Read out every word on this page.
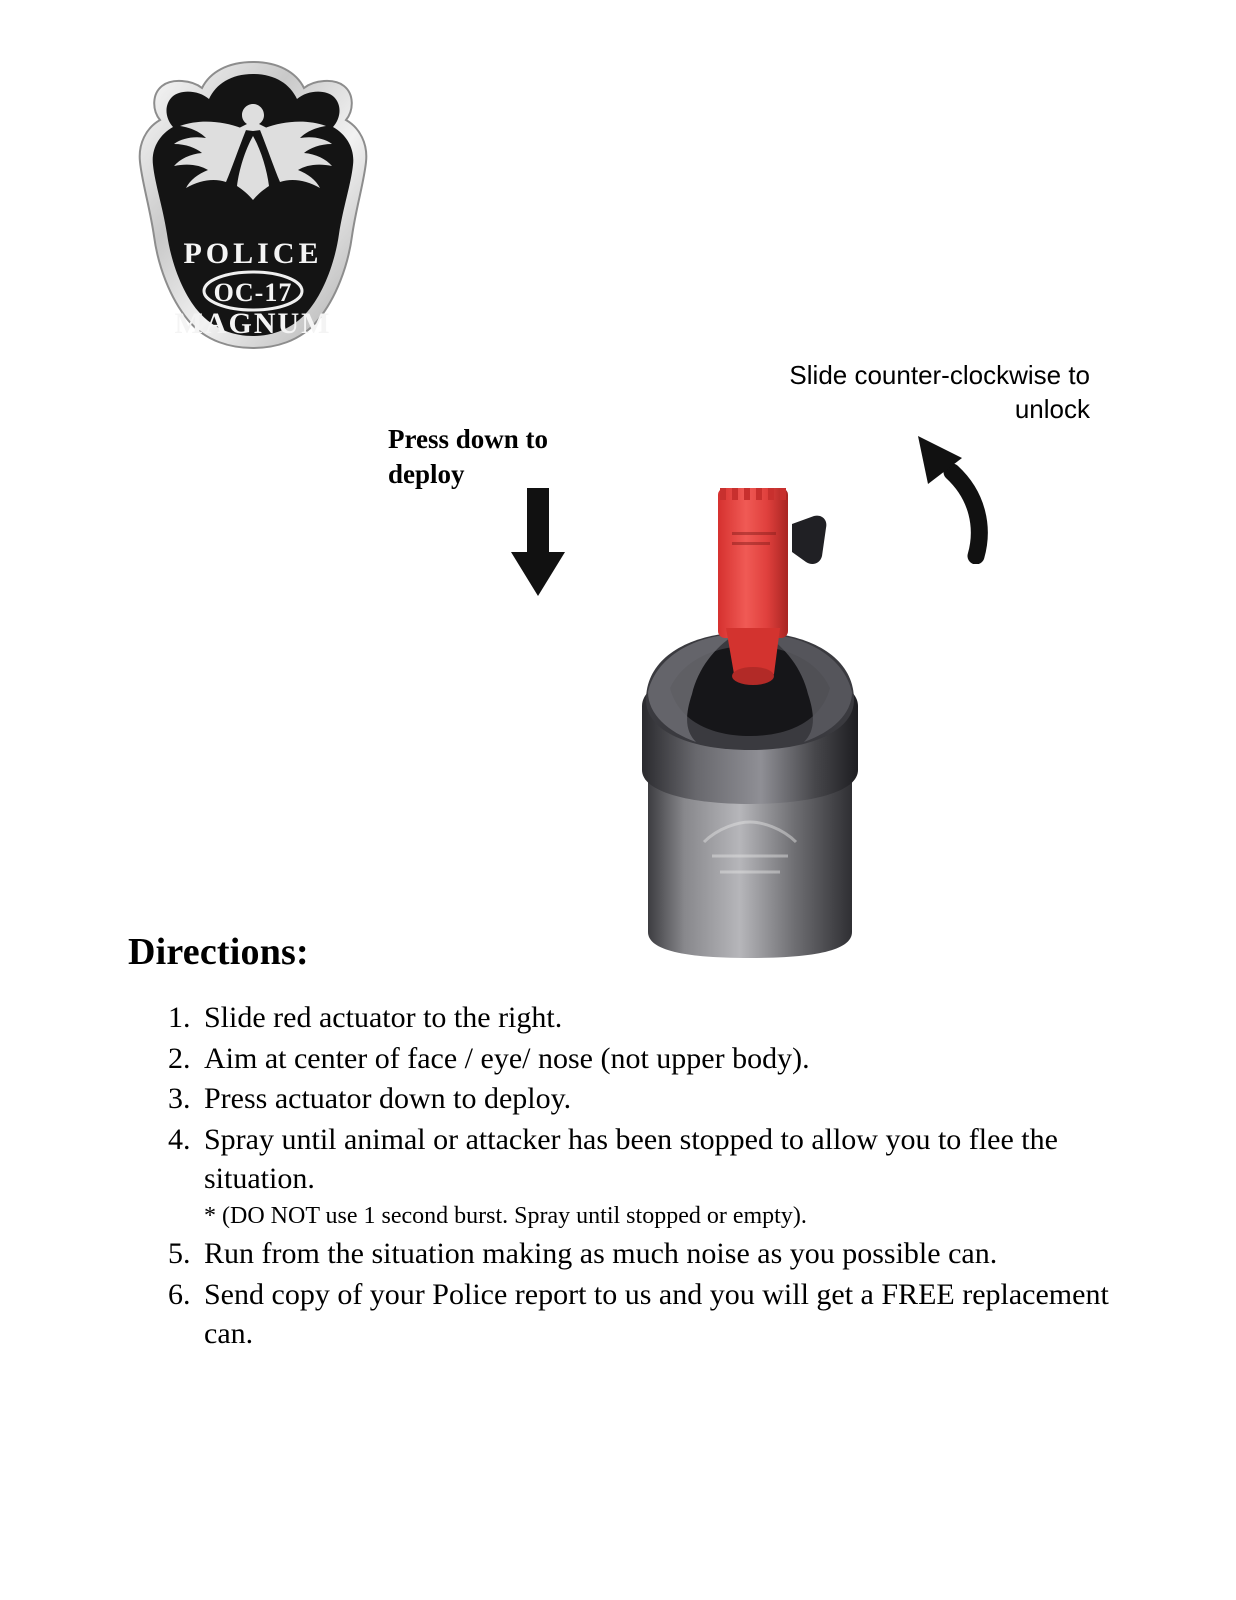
POLICE
OC-17
MAGNUM
Press down to deploy
Slide counter-clockwise to unlock
Directions:
1. Slide red actuator to the right.
2. Aim at center of face / eye/ nose (not upper body).
3. Press actuator down to deploy.
4. Spray until animal or attacker has been stopped to allow you to flee the situation.
* (DO NOT use 1 second burst. Spray until stopped or empty).
5. Run from the situation making as much noise as you possible can.
6. Send copy of your Police report to us and you will get a FREE replacement can.
